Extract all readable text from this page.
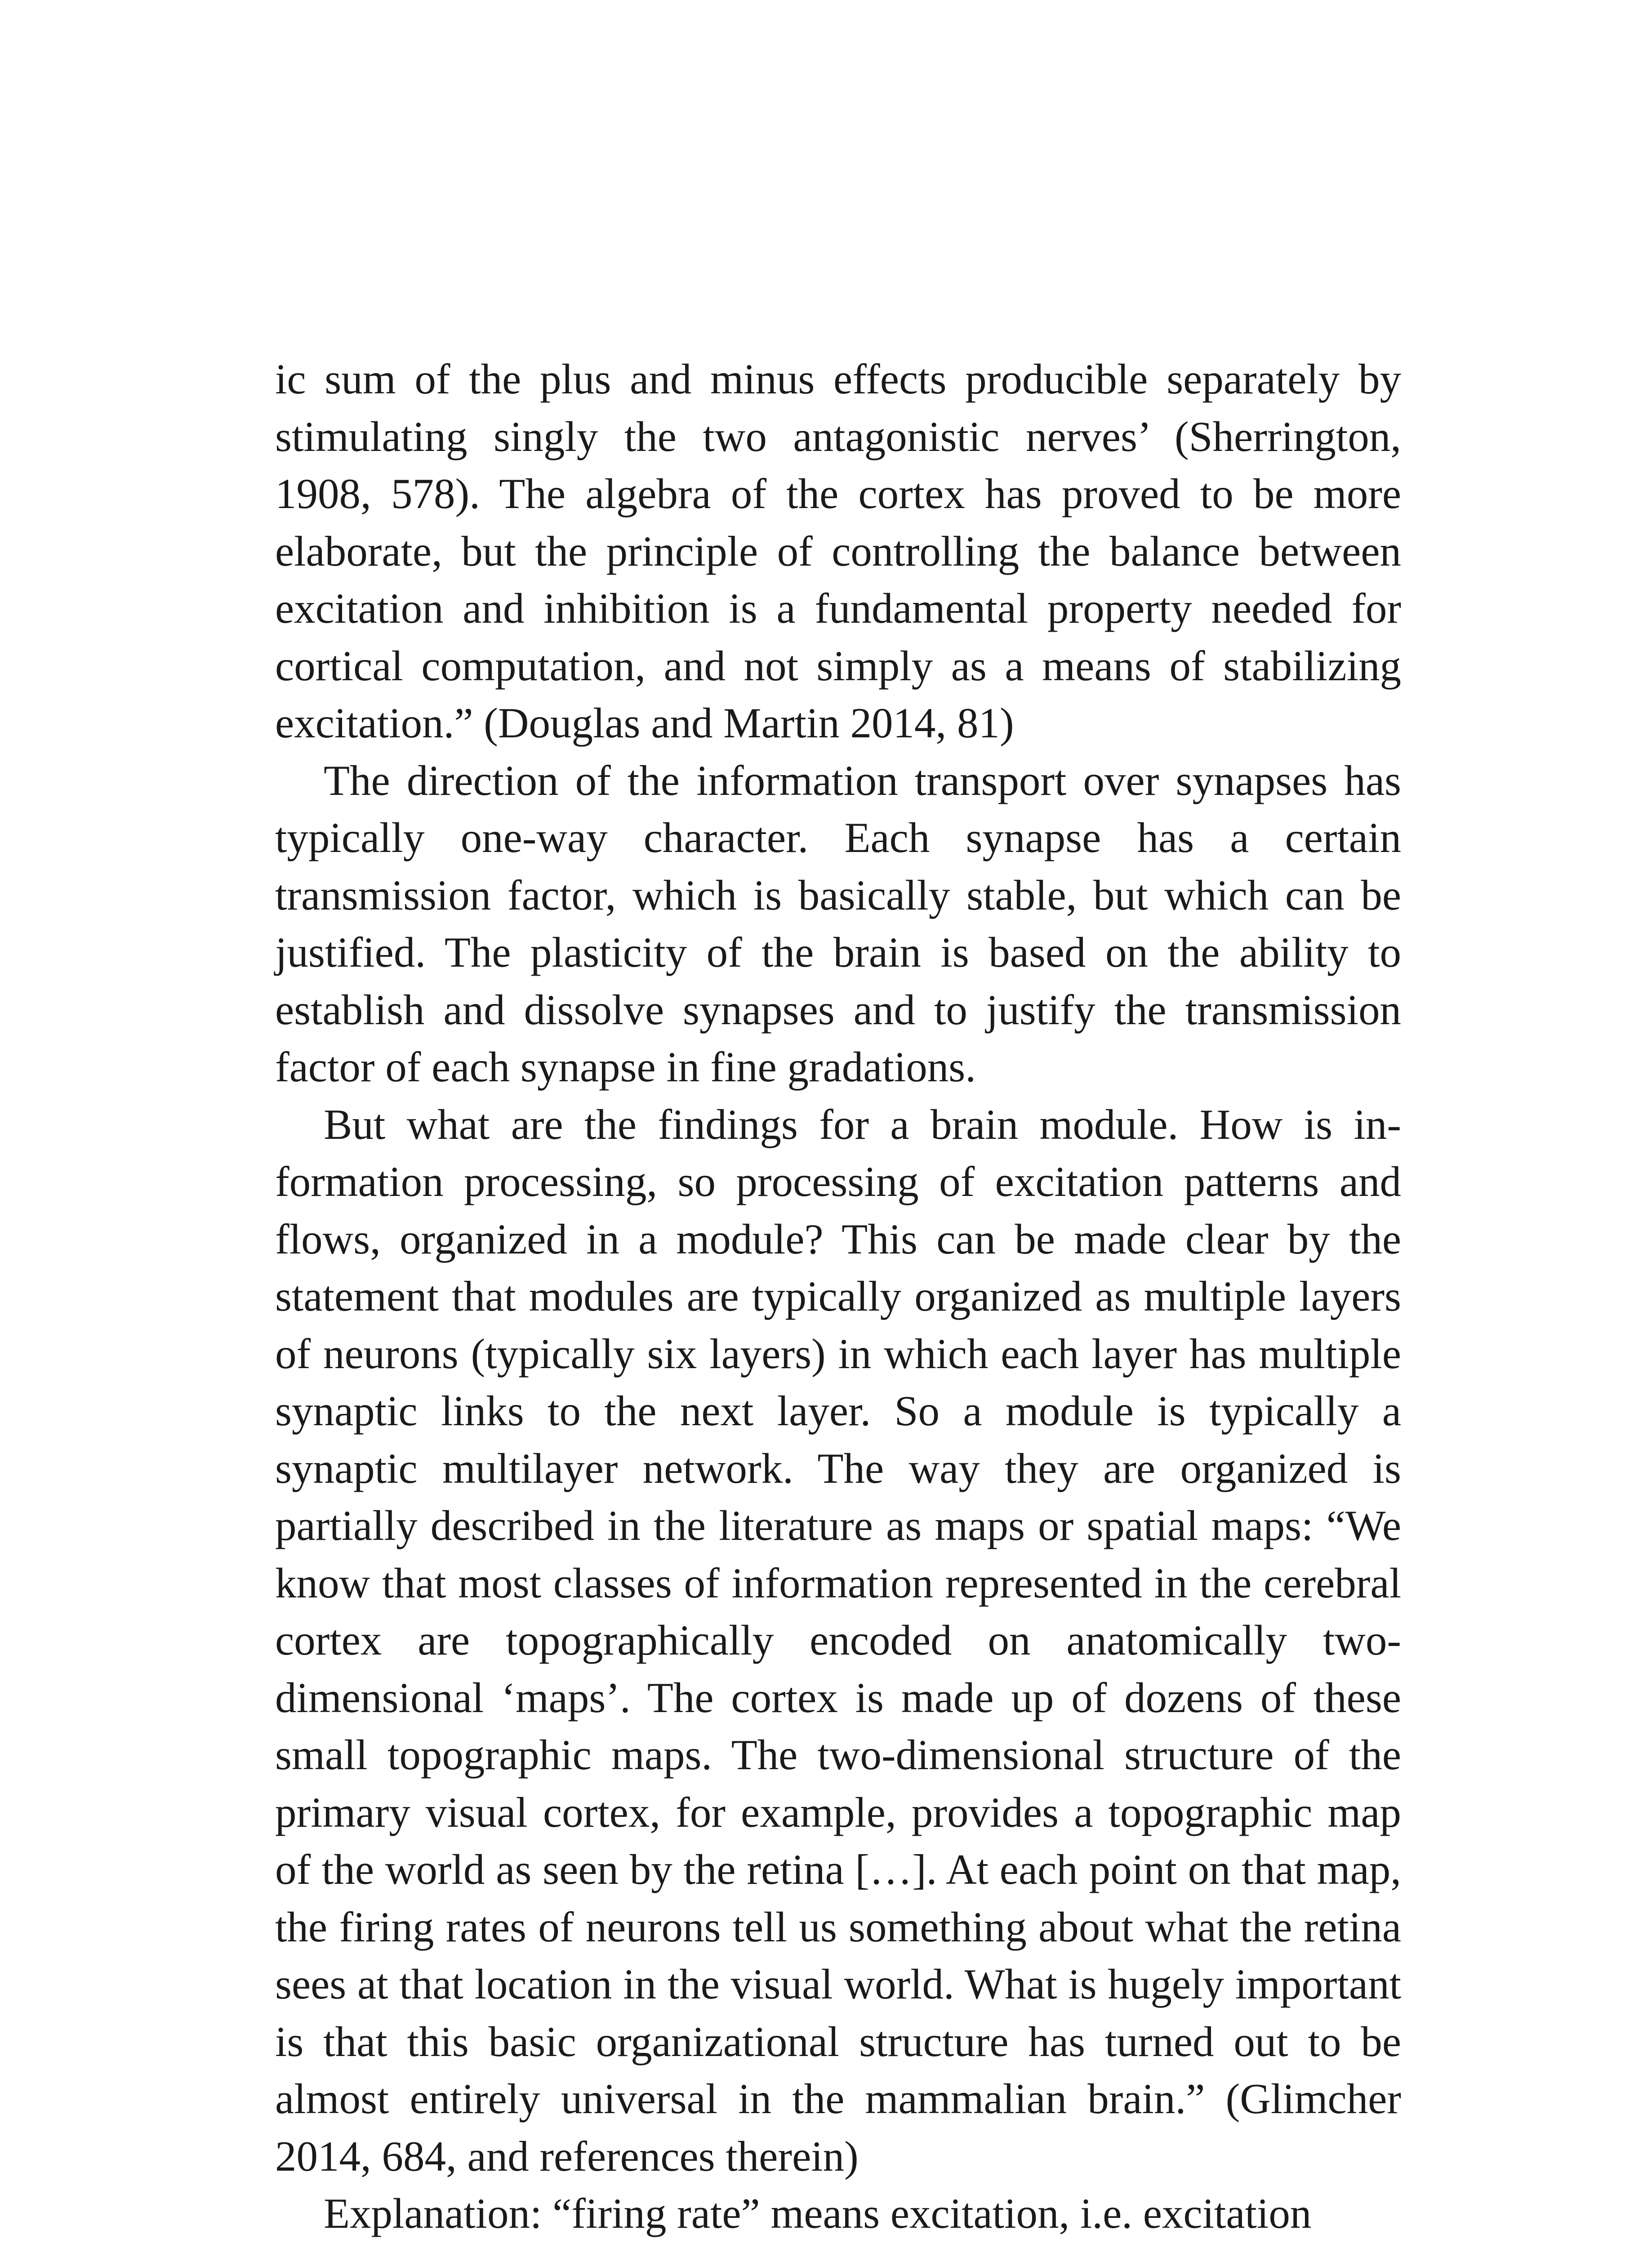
ic sum of the plus and minus effects producible separately by stimulating singly the two antagonistic nerves’ (Sherrington, 1908, 578). The algebra of the cortex has proved to be more elaborate, but the principle of controlling the balance between excitation and inhibition is a fundamental property needed for cortical computation, and not simply as a means of stabilizing excitation.” (Douglas and Martin 2014, 81)

The direction of the information transport over synapses has typically one-way character. Each synapse has a certain transmission factor, which is basically stable, but which can be justified. The plasticity of the brain is based on the ability to establish and dissolve synapses and to justify the transmission factor of each synapse in fine gradations.

But what are the findings for a brain module. How is information processing, so processing of excitation patterns and flows, organized in a module? This can be made clear by the statement that modules are typically organized as multiple layers of neurons (typically six layers) in which each layer has multiple synaptic links to the next layer. So a module is typically a synaptic multilayer network. The way they are organized is partially described in the literature as maps or spatial maps: “We know that most classes of information represented in the cerebral cortex are topographically encoded on anatomically two-dimensional ‘maps’. The cortex is made up of dozens of these small topographic maps. The two-dimensional structure of the primary visual cortex, for example, provides a topographic map of the world as seen by the retina […]. At each point on that map, the firing rates of neurons tell us something about what the retina sees at that location in the visual world. What is hugely important is that this basic organizational structure has turned out to be almost entirely universal in the mammalian brain.” (Glimcher 2014, 684, and references therein)

Explanation: “firing rate” means excitation, i.e. excitation
